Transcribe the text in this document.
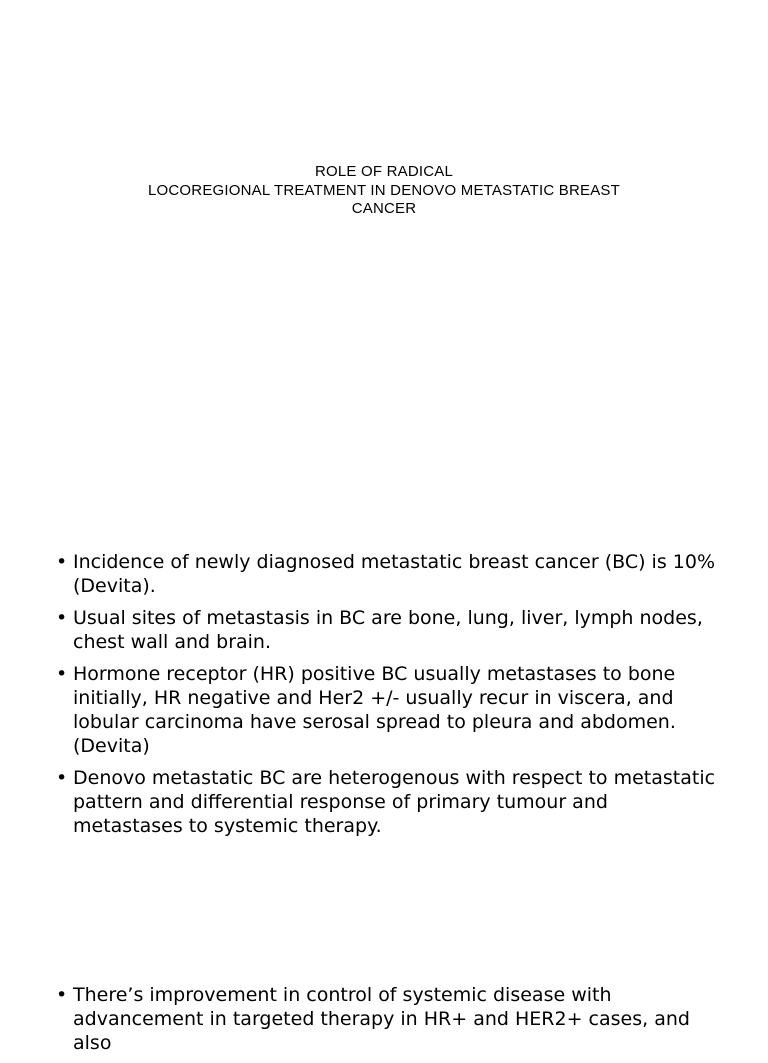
ROLE OF RADICAL
LOCOREGIONAL TREATMENT IN DENOVO METASTATIC BREAST
CANCER
• Incidence of newly diagnosed metastatic breast cancer (BC) is 10% (Devita).
• Usual sites of metastasis in BC are bone, lung, liver, lymph nodes, chest wall and brain.
• Hormone receptor (HR) positive BC usually metastases to bone initially, HR negative and Her2 +/- usually recur in viscera, and lobular carcinoma have serosal spread to pleura and abdomen. (Devita)
• Denovo metastatic BC are heterogenous with respect to metastatic pattern and differential response of primary tumour and metastases to systemic therapy.
• There’s improvement in control of systemic disease with advancement in targeted therapy in HR+ and HER2+ cases, and also
